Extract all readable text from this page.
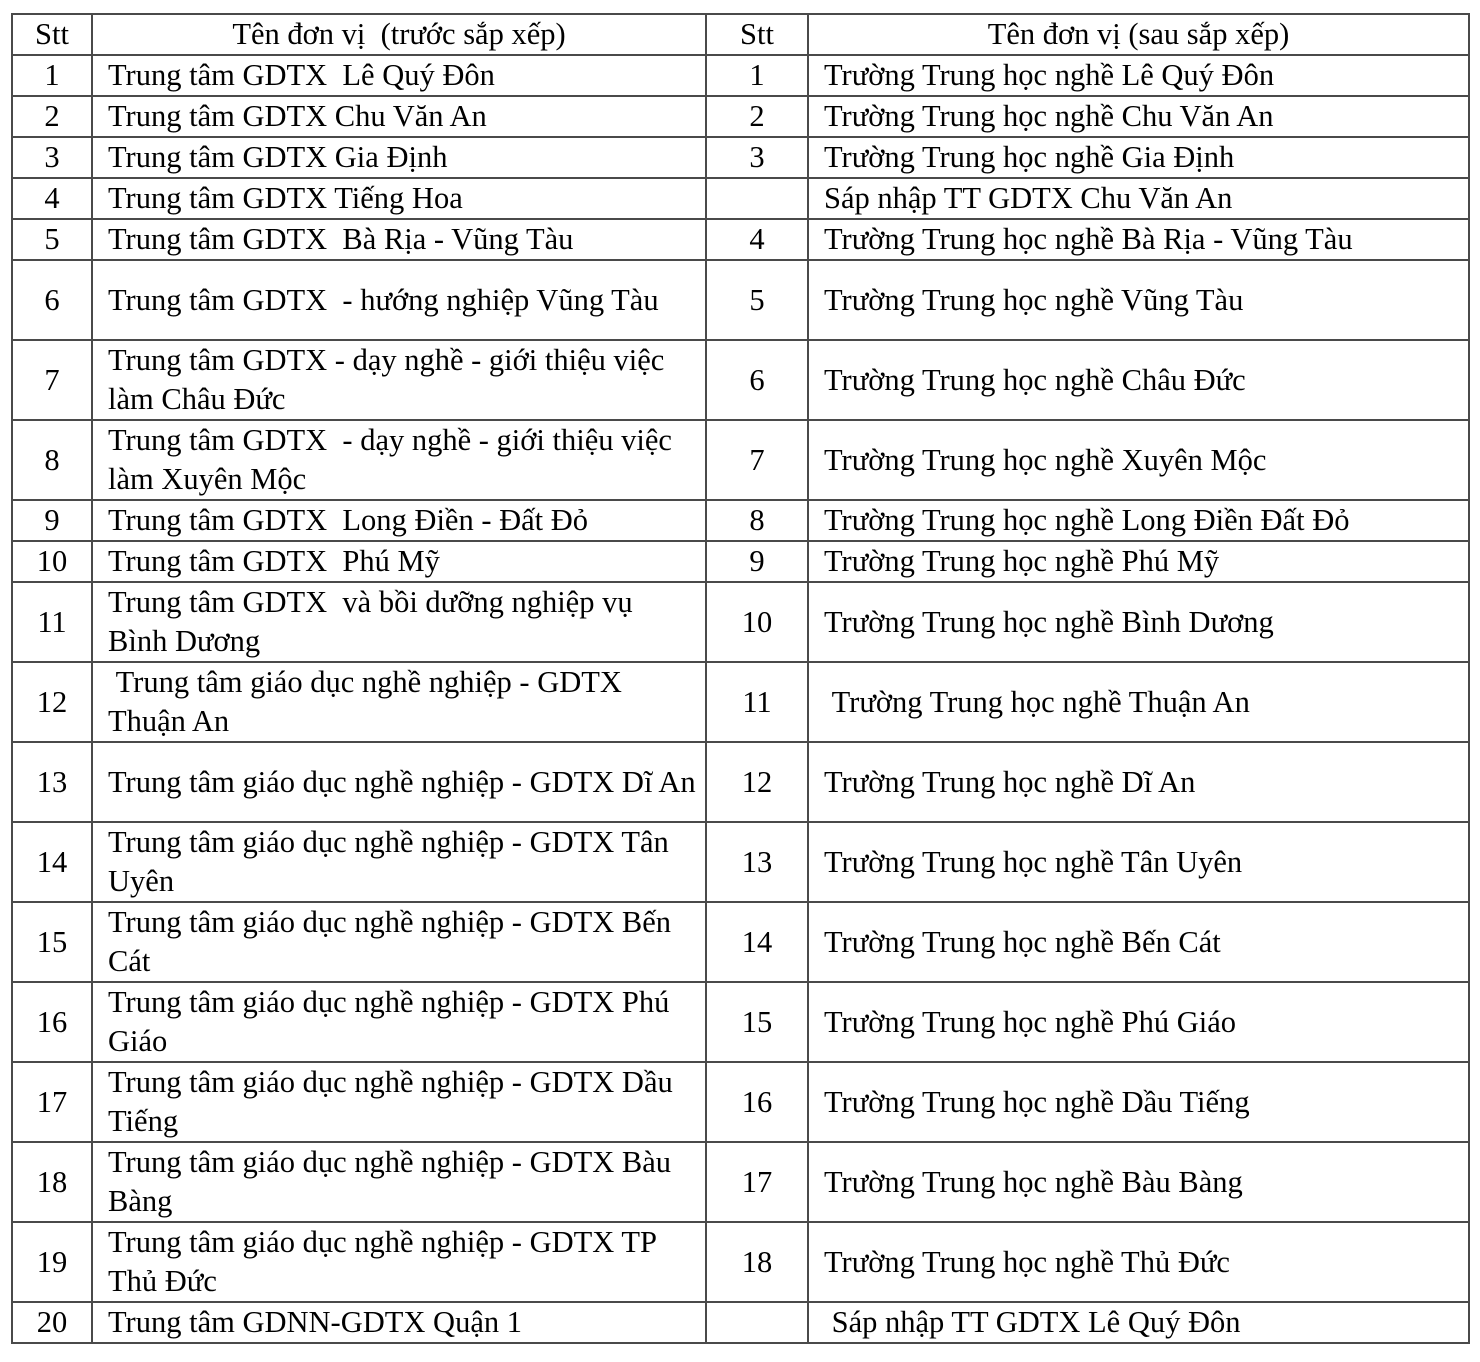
Stt	Tên đơn vị  (trước sắp xếp)	Stt	Tên đơn vị (sau sắp xếp)
1	Trung tâm GDTX  Lê Quý Đôn	1	Trường Trung học nghề Lê Quý Đôn
2	Trung tâm GDTX Chu Văn An	2	Trường Trung học nghề Chu Văn An
3	Trung tâm GDTX Gia Định	3	Trường Trung học nghề Gia Định
4	Trung tâm GDTX Tiếng Hoa		Sáp nhập TT GDTX Chu Văn An
5	Trung tâm GDTX  Bà Rịa - Vũng Tàu	4	Trường Trung học nghề Bà Rịa - Vũng Tàu
6	Trung tâm GDTX  - hướng nghiệp Vũng Tàu	5	Trường Trung học nghề Vũng Tàu
7	Trung tâm GDTX - dạy nghề - giới thiệu việc làm Châu Đức	6	Trường Trung học nghề Châu Đức
8	Trung tâm GDTX  - dạy nghề - giới thiệu việc làm Xuyên Mộc	7	Trường Trung học nghề Xuyên Mộc
9	Trung tâm GDTX  Long Điền - Đất Đỏ	8	Trường Trung học nghề Long Điền Đất Đỏ
10	Trung tâm GDTX  Phú Mỹ	9	Trường Trung học nghề Phú Mỹ
11	Trung tâm GDTX  và bồi dưỡng nghiệp vụ Bình Dương	10	Trường Trung học nghề Bình Dương
12	Trung tâm giáo dục nghề nghiệp - GDTX Thuận An	11	Trường Trung học nghề Thuận An
13	Trung tâm giáo dục nghề nghiệp - GDTX Dĩ An	12	Trường Trung học nghề Dĩ An
14	Trung tâm giáo dục nghề nghiệp - GDTX Tân Uyên	13	Trường Trung học nghề Tân Uyên
15	Trung tâm giáo dục nghề nghiệp - GDTX Bến Cát	14	Trường Trung học nghề Bến Cát
16	Trung tâm giáo dục nghề nghiệp - GDTX Phú Giáo	15	Trường Trung học nghề Phú Giáo
17	Trung tâm giáo dục nghề nghiệp - GDTX Dầu Tiếng	16	Trường Trung học nghề Dầu Tiếng
18	Trung tâm giáo dục nghề nghiệp - GDTX Bàu Bàng	17	Trường Trung học nghề Bàu Bàng
19	Trung tâm giáo dục nghề nghiệp - GDTX TP Thủ Đức	18	Trường Trung học nghề Thủ Đức
20	Trung tâm GDNN-GDTX Quận 1		Sáp nhập TT GDTX Lê Quý Đôn
